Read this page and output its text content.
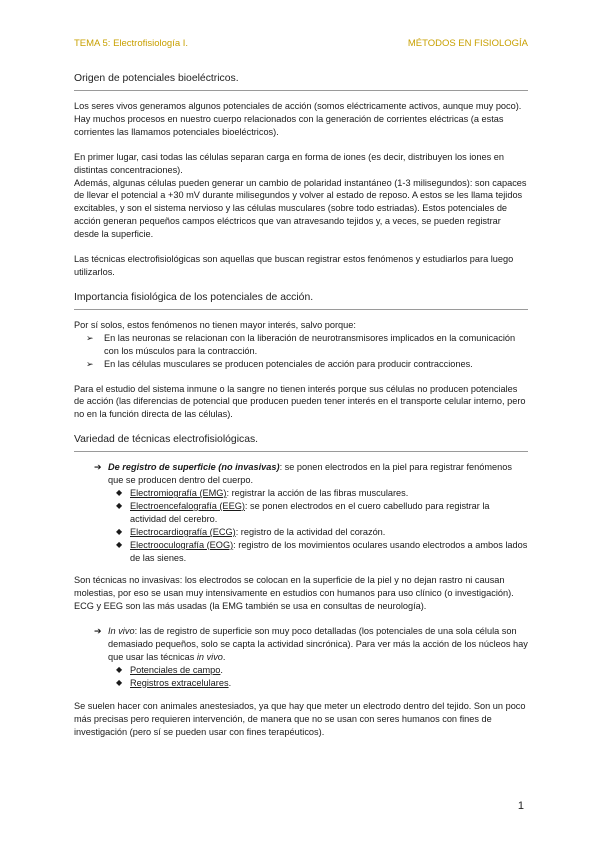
TEMA 5: Electrofisiología I.	MÉTODOS EN FISIOLOGÍA
Origen de potenciales bioeléctricos.

Los seres vivos generamos algunos potenciales de acción (somos eléctricamente activos, aunque muy poco). Hay muchos procesos en nuestro cuerpo relacionados con la generación de corrientes eléctricas (a estas corrientes las llamamos potenciales bioeléctricos).

En primer lugar, casi todas las células separan carga en forma de iones (es decir, distribuyen los iones en distintas concentraciones).

Además, algunas células pueden generar un cambio de polaridad instantáneo (1-3 milisegundos): son capaces de llevar el potencial a +30 mV durante milisegundos y volver al estado de reposo. A estos se les llama tejidos excitables, y son el sistema nervioso y las células musculares (sobre todo estriadas). Estos potenciales de acción generan pequeños campos eléctricos que van atravesando tejidos y, a veces, se pueden registrar desde la superficie.

Las técnicas electrofisiológicas son aquellas que buscan registrar estos fenómenos y estudiarlos para luego utilizarlos.

Importancia fisiológica de los potenciales de acción.

Por sí solos, estos fenómenos no tienen mayor interés, salvo porque:

➢ En las neuronas se relacionan con la liberación de neurotransmisores implicados en la comunicación con los músculos para la contracción.
➢ En las células musculares se producen potenciales de acción para producir contracciones.

Para el estudio del sistema inmune o la sangre no tienen interés porque sus células no producen potenciales de acción (las diferencias de potencial que producen pueden tener interés en el transporte celular interno, pero no en la función directa de las células).

Variedad de técnicas electrofisiológicas.
➔ De registro de superficie (no invasivas): se ponen electrodos en la piel para registrar fenómenos que se producen dentro del cuerpo.
◆ Electromiografía (EMG): registrar la acción de las fibras musculares.
◆ Electroencefalografía (EEG): se ponen electrodos en el cuero cabelludo para registrar la actividad del cerebro.
◆ Electrocardiografía (ECG): registro de la actividad del corazón.
◆ Electrooculografía (EOG): registro de los movimientos oculares usando electrodos a ambos lados de las sienes.

Son técnicas no invasivas: los electrodos se colocan en la superficie de la piel y no dejan rastro ni causan molestias, por eso se usan muy intensivamente en estudios con humanos para uso clínico (o investigación). ECG y EEG son las más usadas (la EMG también se usa en consultas de neurología).

➔ In vivo: las de registro de superficie son muy poco detalladas (los potenciales de una sola célula son demasiado pequeños, solo se capta la actividad sincrónica). Para ver más la acción de los núcleos hay que usar las técnicas in vivo.
◆ Potenciales de campo.
◆ Registros extracelulares.

Se suelen hacer con animales anestesiados, ya que hay que meter un electrodo dentro del tejido. Son un poco más precisas pero requieren intervención, de manera que no se usan con seres humanos con fines de investigación (pero sí se pueden usar con fines terapéuticos).

1
